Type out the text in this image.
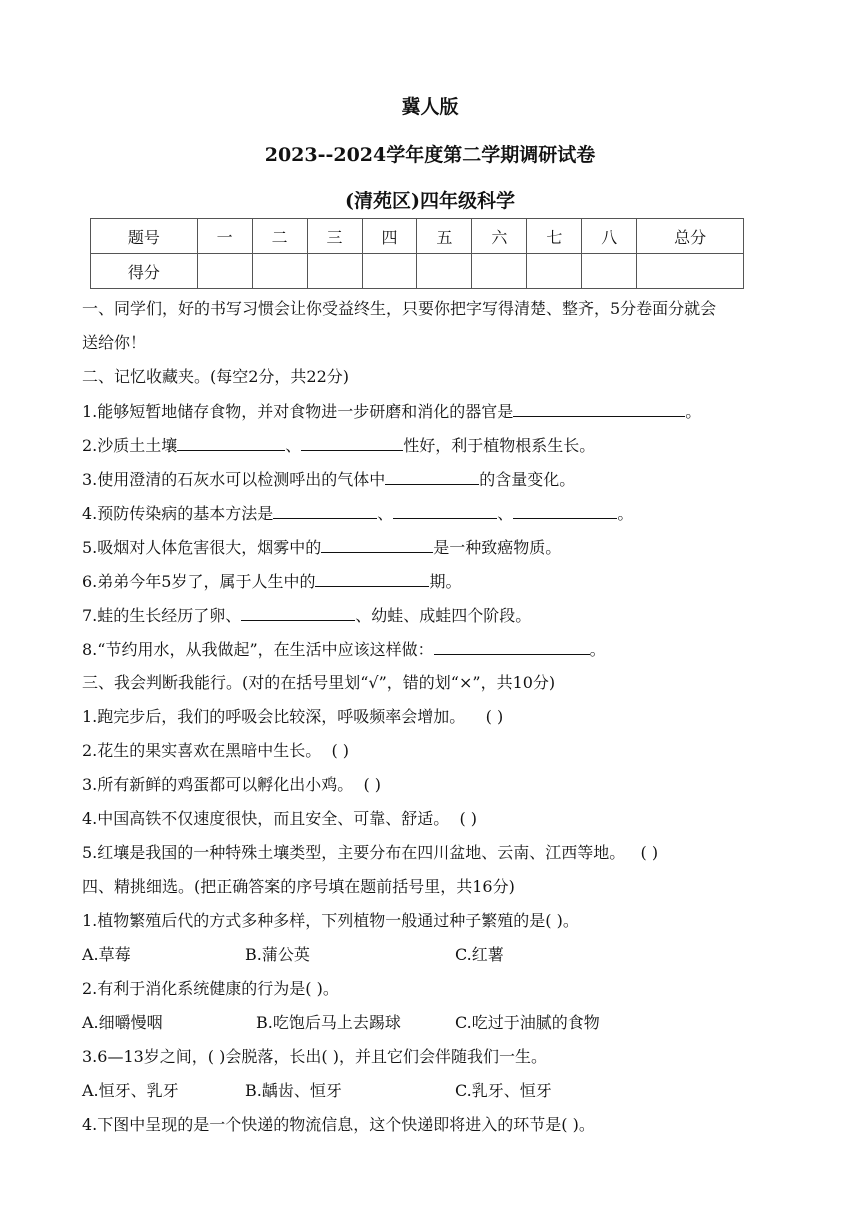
冀人版
2023--2024学年度第二学期调研试卷
(清苑区)四年级科学
题号	一	二	三	四	五	六	七	八	总分
得分									
一、同学们，好的书写习惯会让你受益终生，只要你把字写得清楚、整齐，5分卷面分就会
送给你！
二、记忆收藏夹。(每空2分，共22分)
1.能够短暂地储存食物，并对食物进一步研磨和消化的器官是	。
2.沙质土土壤	、	性好，利于植物根系生长。
3.使用澄清的石灰水可以检测呼出的气体中	的含量变化。
4.预防传染病的基本方法是	、	、	。
5.吸烟对人体危害很大，烟雾中的	是一种致癌物质。
6.弟弟今年5岁了，属于人生中的	期。
7.蛙的生长经历了卵、	、幼蛙、成蛙四个阶段。
8.“节约用水，从我做起”，在生活中应该这样做：	。
三、我会判断我能行。(对的在括号里划“√”，错的划“×”，共10分)
1.跑完步后，我们的呼吸会比较深，呼吸频率会增加。 ( )
2.花生的果实喜欢在黑暗中生长。 ( )
3.所有新鲜的鸡蛋都可以孵化出小鸡。 ( )
4.中国高铁不仅速度很快，而且安全、可靠、舒适。 ( )
5.红壤是我国的一种特殊土壤类型，主要分布在四川盆地、云南、江西等地。 ( )
四、精挑细选。(把正确答案的序号填在题前括号里，共16分)
1.植物繁殖后代的方式多种多样，下列植物一般通过种子繁殖的是( )。
A.草莓	B.蒲公英	C.红薯
2.有利于消化系统健康的行为是( )。
A.细嚼慢咽	B.吃饱后马上去踢球	C.吃过于油腻的食物
3.6—13岁之间，( )会脱落，长出( )，并且它们会伴随我们一生。
A.恒牙、乳牙	B.龋齿、恒牙	C.乳牙、恒牙
4.下图中呈现的是一个快递的物流信息，这个快递即将进入的环节是( )。
